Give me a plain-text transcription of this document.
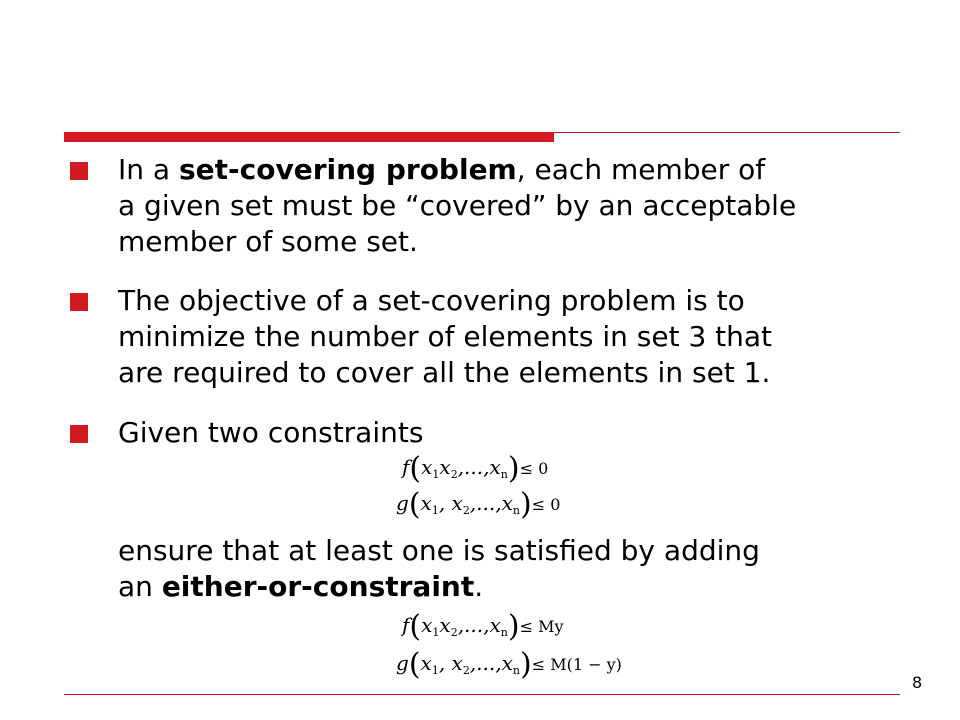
In a set-covering problem, each member of
a given set must be “covered” by an acceptable
member of some set.
The objective of a set-covering problem is to
minimize the number of elements in set 3 that
are required to cover all the elements in set 1.
Given two constraints
$f(x_1x_2,...,x_n)\le 0$
$g(x_1$, $x_2,...,x_n)\le 0$
ensure that at least one is satisfied by adding
an either-or-constraint.
$f(x_1x_2,...,x_n)\le My$
$g(x_1$, $x_2,...,x_n)\le M(1 - y)$
8
